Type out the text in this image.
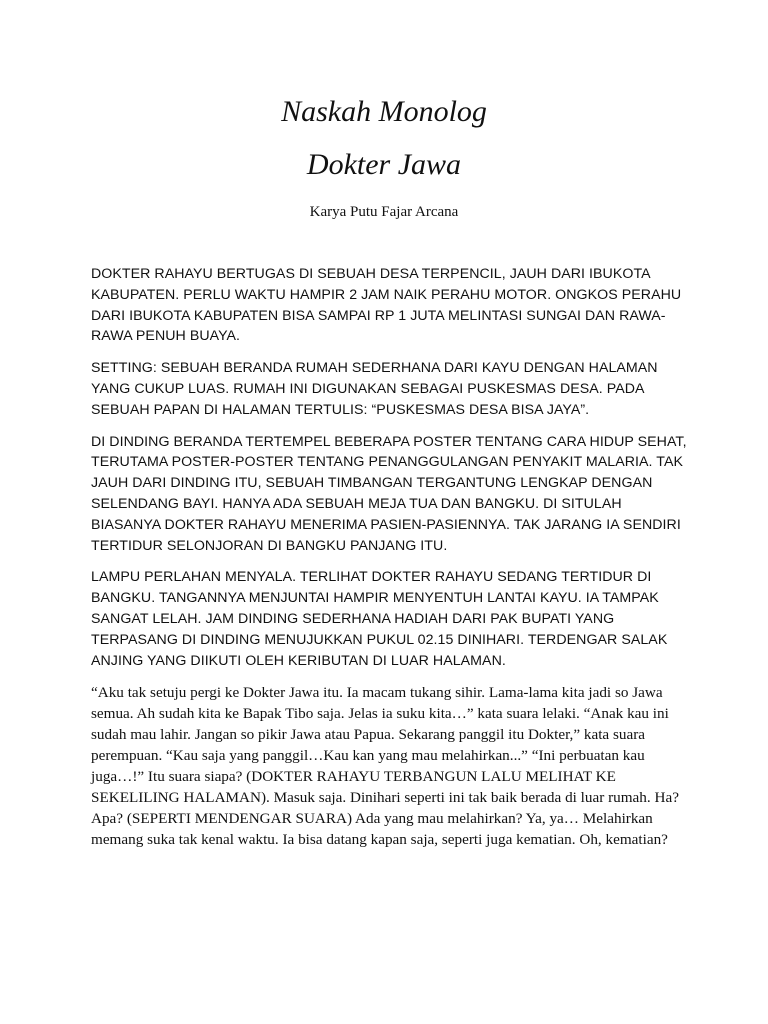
Naskah Monolog
Dokter Jawa
Karya Putu Fajar Arcana

DOKTER RAHAYU BERTUGAS DI SEBUAH DESA TERPENCIL, JAUH DARI IBUKOTA KABUPATEN. PERLU WAKTU HAMPIR 2 JAM NAIK PERAHU MOTOR. ONGKOS PERAHU DARI IBUKOTA KABUPATEN BISA SAMPAI RP 1 JUTA MELINTASI SUNGAI DAN RAWA-RAWA PENUH BUAYA.

SETTING: SEBUAH BERANDA RUMAH SEDERHANA DARI KAYU DENGAN HALAMAN YANG CUKUP LUAS. RUMAH INI DIGUNAKAN SEBAGAI PUSKESMAS DESA. PADA SEBUAH PAPAN DI HALAMAN TERTULIS: “PUSKESMAS DESA BISA JAYA”.

DI DINDING BERANDA TERTEMPEL BEBERAPA POSTER TENTANG CARA HIDUP SEHAT, TERUTAMA POSTER-POSTER TENTANG PENANGGULANGAN PENYAKIT MALARIA. TAK JAUH DARI DINDING ITU, SEBUAH TIMBANGAN TERGANTUNG LENGKAP DENGAN SELENDANG BAYI. HANYA ADA SEBUAH MEJA TUA DAN BANGKU. DI SITULAH BIASANYA DOKTER RAHAYU MENERIMA PASIEN-PASIENNYA. TAK JARANG IA SENDIRI TERTIDUR SELONJORAN DI BANGKU PANJANG ITU.

LAMPU PERLAHAN MENYALA. TERLIHAT DOKTER RAHAYU SEDANG TERTIDUR DI BANGKU. TANGANNYA MENJUNTAI HAMPIR MENYENTUH LANTAI KAYU. IA TAMPAK SANGAT LELAH. JAM DINDING SEDERHANA HADIAH DARI PAK BUPATI YANG TERPASANG DI DINDING MENUJUKKAN PUKUL 02.15 DINIHARI. TERDENGAR SALAK ANJING YANG DIIKUTI OLEH KERIBUTAN DI LUAR HALAMAN.

“Aku tak setuju pergi ke Dokter Jawa itu. Ia macam tukang sihir. Lama-lama kita jadi so Jawa semua. Ah sudah kita ke Bapak Tibo saja. Jelas ia suku kita…” kata suara lelaki. “Anak kau ini sudah mau lahir. Jangan so pikir Jawa atau Papua. Sekarang panggil itu Dokter,” kata suara perempuan. “Kau saja yang panggil…Kau kan yang mau melahirkan...” “Ini perbuatan kau juga…!” Itu suara siapa? (DOKTER RAHAYU TERBANGUN LALU MELIHAT KE SEKELILING HALAMAN). Masuk saja. Dinihari seperti ini tak baik berada di luar rumah. Ha? Apa? (SEPERTI MENDENGAR SUARA) Ada yang mau melahirkan? Ya, ya… Melahirkan memang suka tak kenal waktu. Ia bisa datang kapan saja, seperti juga kematian. Oh, kematian?
